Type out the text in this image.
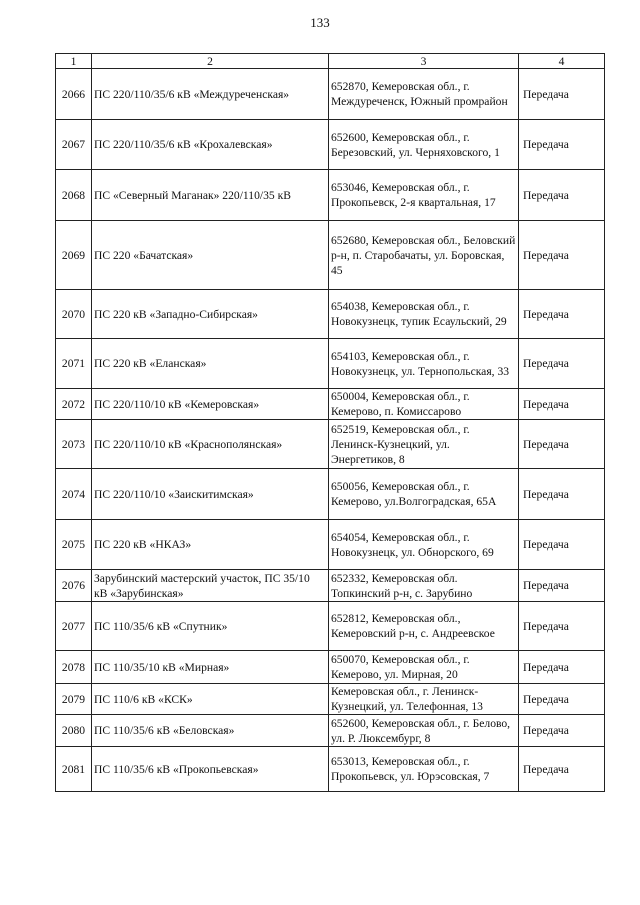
133
1	2	3	4
2066	ПС 220/110/35/6 кВ «Междуреченская»	652870, Кемеровская обл., г. Междуреченск, Южный промрайон	Передача
2067	ПС 220/110/35/6 кВ «Крохалевская»	652600, Кемеровская обл., г. Березовский, ул. Черняховского, 1	Передача
2068	ПС «Северный Маганак» 220/110/35 кВ	653046, Кемеровская обл., г. Прокопьевск, 2-я квартальная, 17	Передача
2069	ПС 220 «Бачатская»	652680, Кемеровская обл., Беловский р-н, п. Старобачаты, ул. Боровская, 45	Передача
2070	ПС 220 кВ «Западно-Сибирская»	654038, Кемеровская обл., г. Новокузнецк, тупик Есаульский, 29	Передача
2071	ПС 220 кВ «Еланская»	654103, Кемеровская обл., г. Новокузнецк, ул. Тернопольская, 33	Передача
2072	ПС 220/110/10 кВ «Кемеровская»	650004, Кемеровская обл., г. Кемерово, п. Комиссарово	Передача
2073	ПС 220/110/10 кВ «Краснополянская»	652519, Кемеровская обл., г. Ленинск-Кузнецкий, ул. Энергетиков, 8	Передача
2074	ПС 220/110/10 «Заискитимская»	650056, Кемеровская обл., г. Кемерово, ул.Волгоградская, 65А	Передача
2075	ПС 220 кВ «НКАЗ»	654054, Кемеровская обл., г. Новокузнецк, ул. Обнорского, 69	Передача
2076	Зарубинский мастерский участок, ПС 35/10 кВ «Зарубинская»	652332, Кемеровская обл. Топкинский р-н, с. Зарубино	Передача
2077	ПС 110/35/6 кВ «Спутник»	652812, Кемеровская обл., Кемеровский р-н, с. Андреевское	Передача
2078	ПС 110/35/10 кВ «Мирная»	650070, Кемеровская обл., г. Кемерово, ул. Мирная, 20	Передача
2079	ПС 110/6 кВ «КСК»	Кемеровская обл., г. Ленинск-Кузнецкий, ул. Телефонная, 13	Передача
2080	ПС 110/35/6 кВ «Беловская»	652600, Кемеровская обл., г. Белово, ул. Р. Люксембург, 8	Передача
2081	ПС 110/35/6 кВ «Прокопьевская»	653013, Кемеровская обл., г. Прокопьевск, ул. Юрэсовская, 7	Передача
